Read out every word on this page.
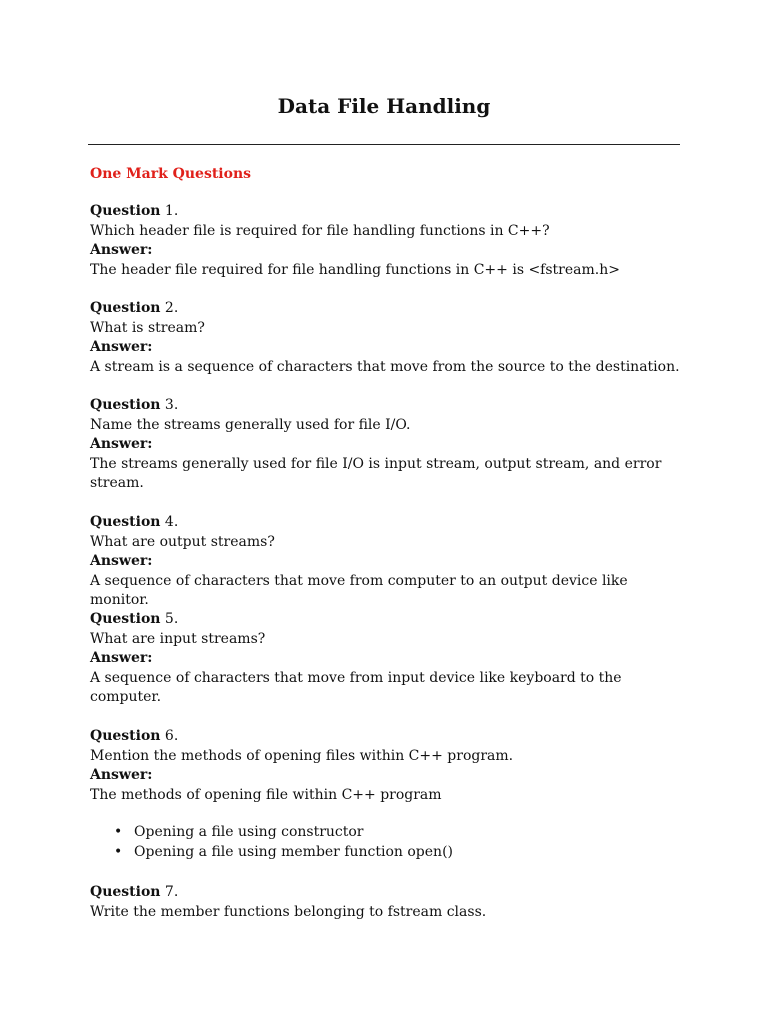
Data File Handling
One Mark Questions
Question 1.
Which header file is required for file handling functions in C++?
Answer:
The header file required for file handling functions in C++ is <fstream.h>
Question 2.
What is stream?
Answer:
A stream is a sequence of characters that move from the source to the destination.
Question 3.
Name the streams generally used for file I/O.
Answer:
The streams generally used for file I/O is input stream, output stream, and error
stream.
Question 4.
What are output streams?
Answer:
A sequence of characters that move from computer to an output device like monitor.
Question 5.
What are input streams?
Answer:
A sequence of characters that move from input device like keyboard to the
computer.
Question 6.
Mention the methods of opening files within C++ program.
Answer:
The methods of opening file within C++ program
• Opening a file using constructor
• Opening a file using member function open()
Question 7.
Write the member functions belonging to fstream class.
